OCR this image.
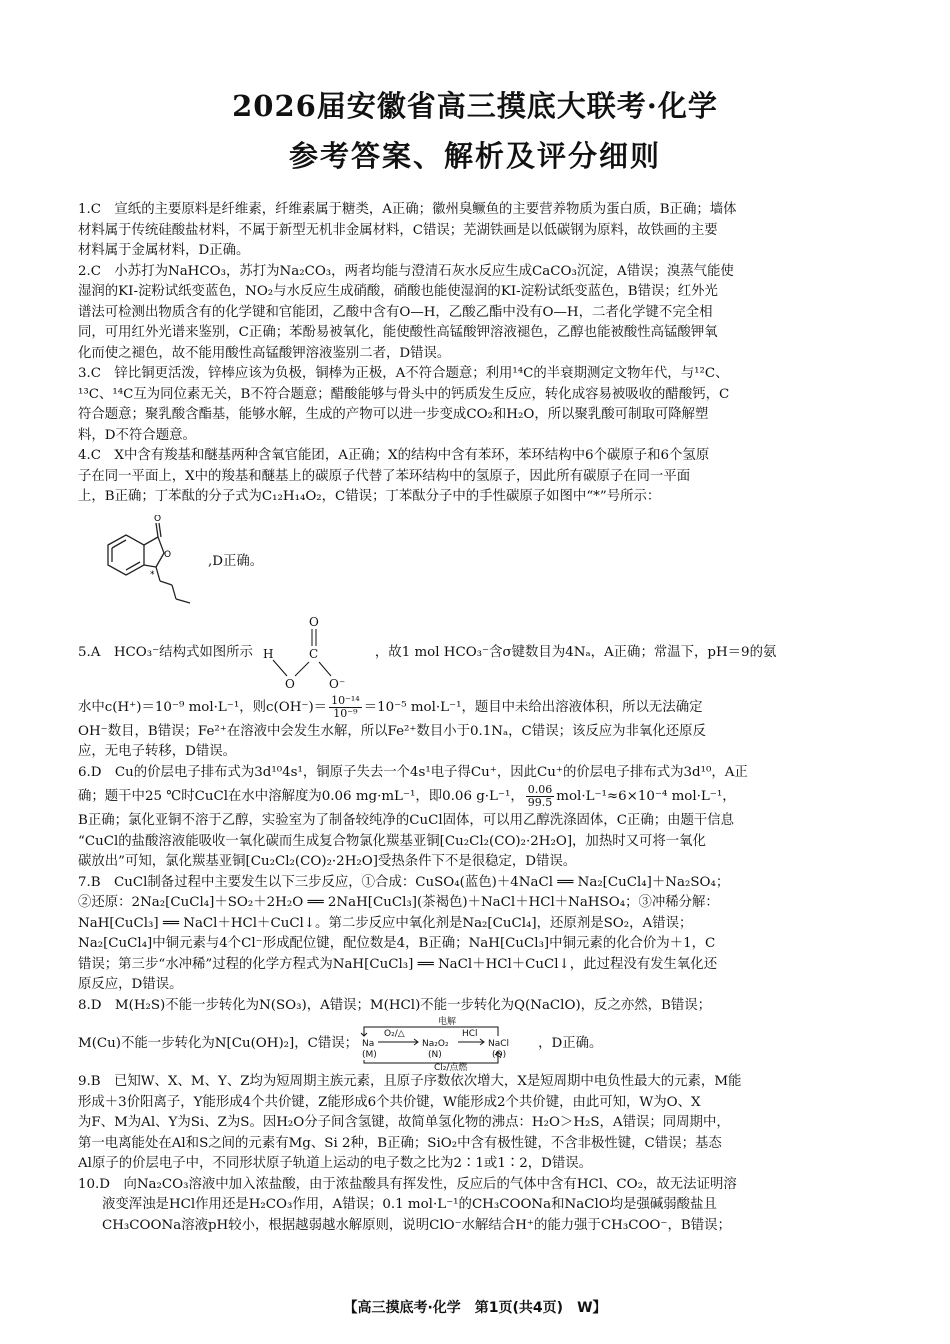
2026届安徽省高三摸底大联考·化学
参考答案、解析及评分细则
1.C　 宣纸的主要原料是纤维素，纤维素属于糖类，A正确；徽州臭鳜鱼的主要营养物质为蛋白质，B正确；墙体
材料属于传统硅酸盐材料，不属于新型无机非金属材料，C错误；芜湖铁画是以低碳钢为原料，故铁画的主要
材料属于金属材料，D正确。
2.C　 小苏打为NaHCO₃，苏打为Na₂CO₃，两者均能与澄清石灰水反应生成CaCO₃沉淀，A错误；溴蒸气能使
湿润的KI-淀粉试纸变蓝色，NO₂与水反应生成硝酸，硝酸也能使湿润的KI-淀粉试纸变蓝色，B错误；红外光
谱法可检测出物质含有的化学键和官能团，乙酸中含有O—H，乙酸乙酯中没有O—H，二者化学键不完全相
同，可用红外光谱来鉴别，C正确；苯酚易被氧化，能使酸性高锰酸钾溶液褪色，乙醇也能被酸性高锰酸钾氧
化而使之褪色，故不能用酸性高锰酸钾溶液鉴别二者，D错误。
3.C　 锌比铜更活泼，锌棒应该为负极，铜棒为正极，A不符合题意；利用¹⁴C的半衰期测定文物年代，与¹²C、
¹³C、¹⁴C互为同位素无关，B不符合题意；醋酸能够与骨头中的钙质发生反应，转化成容易被吸收的醋酸钙，C
符合题意；聚乳酸含酯基，能够水解，生成的产物可以进一步变成CO₂和H₂O，所以聚乳酸可制取可降解塑
料，D不符合题意。
4.C　 X中含有羧基和醚基两种含氧官能团，A正确；X的结构中含有苯环，苯环结构中6个碳原子和6个氢原
子在同一平面上，X中的羧基和醚基上的碳原子代替了苯环结构中的氢原子，因此所有碳原子在同一平面
上，B正确；丁苯酞的分子式为C₁₂H₁₄O₂，C错误；丁苯酞分子中的手性碳原子如图中“*”号所示：
O
O
*
,D正确。
5.A
　 HCO₃⁻结构式如图所示
O
H	C
O	O⁻
，故1 mol HCO₃⁻含σ键数目为4Nₐ，A正确；常温下，pH＝9的氨
水中c(H⁺)＝10⁻⁹ mol·L⁻¹，则$c(OH^-)= \frac{\text{10⁻¹⁴}}{\text{10⁻⁹}} =10^{-5}$ mol·L⁻¹，题目中未给出溶液体积，所以无法确定
OH⁻数目，B错误；Fe²⁺在溶液中会发生水解，所以Fe²⁺数目小于0.1Nₐ，C错误；该反应为非氧化还原反
应，无电子转移，D错误。
6.D　 Cu的价层电子排布式为3d¹⁰4s¹，铜原子失去一个4s¹电子得Cu⁺，因此Cu⁺的价层电子排布式为3d¹⁰，A正
确；题干中25 ℃时CuCl在水中溶解度为0.06 mg·mL⁻¹，即0.06 g·L⁻¹， $\frac{0.06}{99.5} mol\cdot L^{-1}\approx 6\times 10^{-4}$ mol·L⁻¹，
B正确；氯化亚铜不溶于乙醇，实验室为了制备较纯净的CuCl固体，可以用乙醇洗涤固体，C正确；由题干信息
“CuCl的盐酸溶液能吸收一氧化碳而生成复合物氯化羰基亚铜[Cu₂Cl₂(CO)₂·2H₂O]，加热时又可将一氧化
碳放出”可知，氯化羰基亚铜[Cu₂Cl₂(CO)₂·2H₂O]受热条件下不是很稳定，D错误。
7.B　 CuCl制备过程中主要发生以下三步反应，①合成：CuSO₄(蓝色)＋4NaCl ══ Na₂[CuCl₄]＋Na₂SO₄；
②还原：2Na₂[CuCl₄]＋SO₂＋2H₂O ══ 2NaH[CuCl₃](茶褐色)＋NaCl＋HCl＋NaHSO₄；③冲稀分解：
NaH[CuCl₃] ══ NaCl＋HCl＋CuCl↓。第二步反应中氧化剂是Na₂[CuCl₄]，还原剂是SO₂，A错误；
Na₂[CuCl₄]中铜元素与4个Cl⁻形成配位键，配位数是4，B正确；NaH[CuCl₃]中铜元素的化合价为＋1，C
错误；第三步“水冲稀”过程的化学方程式为NaH[CuCl₃] ══ NaCl＋HCl＋CuCl↓，此过程没有发生氧化还
原反应，D错误。
8.D　 M(H₂S)不能一步转化为N(SO₃)，A错误；M(HCl)不能一步转化为Q(NaClO)，反之亦然，B错误；
M(Cu)不能一步转化为N[Cu(OH)₂]，C错误；
电解
O₂/△	HCl
Na	Na₂O₂	NaCl
(M)	(N)	(Q)
Cl₂/点燃
，D正确。
9.B　 已知W、X、M、Y、Z均为短周期主族元素，且原子序数依次增大，X是短周期中电负性最大的元素，M能
形成＋3价阳离子，Y能形成4个共价键，Z能形成6个共价键，W能形成2个共价键，由此可知，W为O、X
为F、M为Al、Y为Si、Z为S。因H₂O分子间含氢键，故简单氢化物的沸点：H₂O＞H₂S，A错误；同周期中，
第一电离能处在Al和S之间的元素有Mg、Si 2种，B正确；SiO₂中含有极性键，不含非极性键，C错误；基态
Al原子的价层电子中，不同形状原子轨道上运动的电子数之比为2∶1或1∶2，D错误。
10.D　 向Na₂CO₃溶液中加入浓盐酸，由于浓盐酸具有挥发性，反应后的气体中含有HCl、CO₂，故无法证明溶
液变浑浊是HCl作用还是H₂CO₃作用，A错误；0.1 mol·L⁻¹的CH₃COONa和NaClO均是强碱弱酸盐且
CH₃COONa溶液pH较小，根据越弱越水解原则，说明ClO⁻水解结合H⁺的能力强于CH₃COO⁻，B错误；
【高三摸底考·化学　第1页(共4页)　W】
